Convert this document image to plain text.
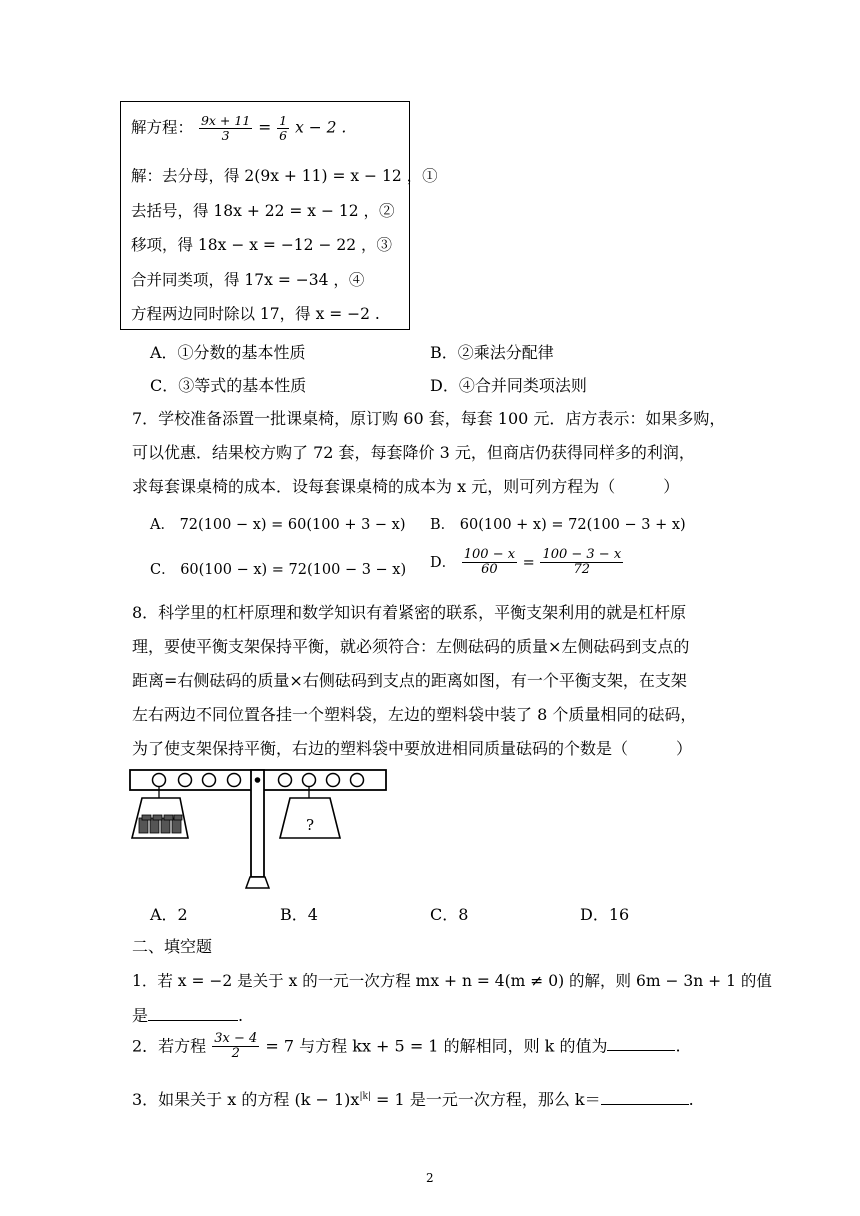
解方程： $\frac{9x + 11}{3} = \frac{1}{6}$ x − 2 .
解：去分母，得 2(9x + 11) = x − 12 ，①
去括号，得 18x + 22 = x − 12 ，②
移项，得 18x − x = −12 − 22 ，③
合并同类项，得 17x = −34 ，④
方程两边同时除以 17，得 x = −2 .
A．①分数的基本性质	B．②乘法分配律
C．③等式的基本性质	D．④合并同类项法则
7．学校准备添置一批课桌椅，原订购 60 套，每套 100 元．店方表示：如果多购，
可以优惠．结果校方购了 72 套，每套降价 3 元，但商店仍获得同样多的利润，
求每套课桌椅的成本．设每套课桌椅的成本为 x 元，则可列方程为（　　　）
A． 72(100 − x) = 60(100 + 3 − x) B． 60(100 + x) = 72(100 − 3 + x)
C． 60(100 − x) = 72(100 − 3 − x) D． $\frac{100 - x}{60} = \frac{100 - 3 - x}{72}$
8．科学里的杠杆原理和数学知识有着紧密的联系，平衡支架利用的就是杠杆原
理，要使平衡支架保持平衡，就必须符合：左侧砝码的质量×左侧砝码到支点的
距离=右侧砝码的质量×右侧砝码到支点的距离如图，有一个平衡支架，在支架
左右两边不同位置各挂一个塑料袋，左边的塑料袋中装了 8 个质量相同的砝码，
为了使支架保持平衡，右边的塑料袋中要放进相同质量砝码的个数是（　　　）
?
A．2	B．4	C．8	D．16
二、填空题
1．若 x = −2 是关于 x 的一元一次方程 mx + n = 4(m ≠ 0) 的解，则 6m − 3n + 1 的值
是	.
2．若方程 $\frac{3x - 4}{2} = 7$ 与方程 kx + 5 = 1 的解相同，则 k 的值为	.
3．如果关于 x 的方程 $(k - 1)x^{|k|} = 1$ 是一元一次方程，那么 k＝	.
2
